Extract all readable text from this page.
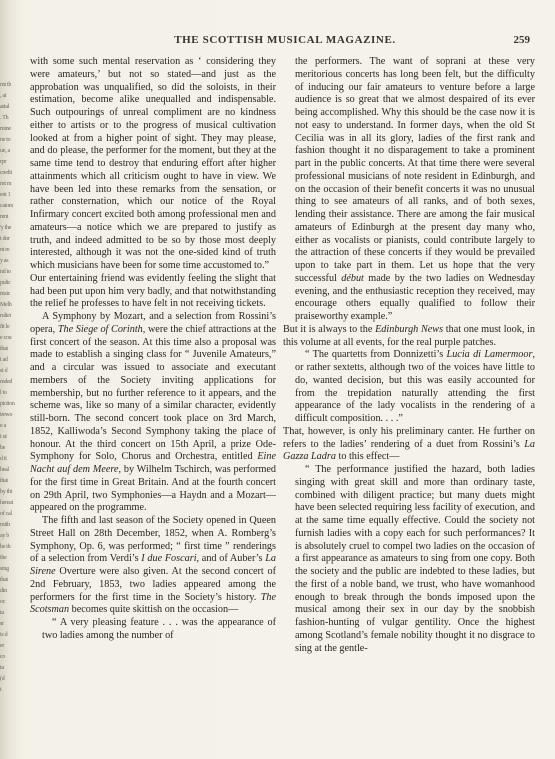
rnt th
, at
artal
. Th
mine
ne to
ue, a
rpr
credit
mt m
ent 1
catom
rent
'y the
t dor
nt re
y as
nd to
pulic
msic
Melh
ruliet
fit le
e cou
that
t ad
si d
mded
l to
piction
irewo
e a
t ut
be
d it
heal
that
by thi
hereat
of cal
mith
ay b
be th
the
sing
that
din
oc
ta
sr
is d
er
co
ta
(d
t
THE SCOTTISH MUSICAL MAGAZINE.	259

with some such mental reservation as ‘ considering they were amateurs,’ but not so stated—and just as the approbation was unqualified, so did the soloists, in their estimation, become alike unequalled and indispensable. Such outpourings of unreal compliment are no kindness either to artists or to the progress of musical cultivation looked at from a higher point of sight. They may please, and do please, the performer for the moment, but they at the same time tend to destroy that enduring effort after higher attainments which all criticism ought to have in view. We have been led into these remarks from the sensation, or rather consternation, which our notice of the Royal Infirmary concert excited both among professional men and amateurs—a notice which we are prepared to justify as truth, and indeed admitted to be so by those most deeply interested, although it was not the one-sided kind of truth which musicians have been for some time accustomed to.”

Our entertaining friend was evidently feeling the slight that had been put upon him very badly, and that notwithstanding the relief he professes to have felt in not receiving tickets.

A Symphony by Mozart, and a selection from Rossini’s opera, The Siege of Corinth, were the chief attractions at the first concert of the season. At this time also a proposal was made to establish a singing class for “ Juvenile Amateurs,” and a circular was issued to associate and executant members of the Society inviting applications for membership, but no further reference to it appears, and the scheme was, like so many of a similar character, evidently still-born. The second concert took place on 3rd March, 1852, Kalliwoda’s Second Symphony taking the place of honour. At the third concert on 15th April, a prize Ode-Symphony for Solo, Chorus and Orchestra, entitled Eine Nacht auf dem Meere, by Wilhelm Tschirch, was performed for the first time in Great Britain. And at the fourth concert on 29th April, two Symphonies—a Haydn and a Mozart—appeared on the programme.

The fifth and last season of the Society opened in Queen Street Hall on 28th December, 1852, when A. Romberg’s Symphony, Op. 6, was performed; “ first time ” renderings of a selection from Verdi’s I due Foscari, and of Auber’s La Sirene Overture were also given. At the second concert of 2nd February, 1853, two ladies appeared among the performers for the first time in the Society’s history. The Scotsman becomes quite skittish on the occasion—

“ A very pleasing feature . . . was the appearance of two ladies among the number of

the performers. The want of soprani at these very meritorious concerts has long been felt, but the difficulty of inducing our fair amateurs to venture before a large audience is so great that we almost despaired of its ever being accomplished. Why this should be the case now it is not easy to understand. In former days, when the old St Cecilia was in all its glory, ladies of the first rank and fashion thought it no disparagement to take a prominent part in the public concerts. At that time there were several professional musicians of note resident in Edinburgh, and on the occasion of their benefit concerts it was no unusual thing to see amateurs of all ranks, and of both sexes, lending their assistance. There are among the fair musical amateurs of Edinburgh at the present day many who, either as vocalists or pianists, could contribute largely to the attraction of these concerts if they would be prevailed upon to take part in them. Let us hope that the very successful début made by the two ladies on Wednesday evening, and the enthusiastic reception they received, may encourage others equally qualified to follow their praiseworthy example.”

But it is always to the Edinburgh News that one must look, in this volume at all events, for the real purple patches.

“ The quartetts from Donnizetti’s Lucia di Lamermoor, or rather sextetts, although two of the voices have little to do, wanted decision, but this was easily accounted for from the trepidation naturally attending the first appearance of the lady vocalists in the rendering of a difficult composition. . . .”

That, however, is only his preliminary canter. He further on refers to the ladies’ rendering of a duet from Rossini’s La Gazza Ladra to this effect—

“ The performance justified the hazard, both ladies singing with great skill and more than ordinary taste, combined with diligent practice; but many duets might have been selected requiring less facility of execution, and at the same time equally effective. Could the society not furnish ladies with a copy each for such performances? It is absolutely cruel to compel two ladies on the occasion of a first appearance as amateurs to sing from one copy. Both the society and the public are indebted to these ladies, but the first of a noble band, we trust, who have womanhood enough to break through the bonds imposed upon the musical among their sex in our day by the snobbish fashion-hunting of vulgar gentility. Once the highest among Scotland’s female nobility thought it no disgrace to sing at the gentle-
